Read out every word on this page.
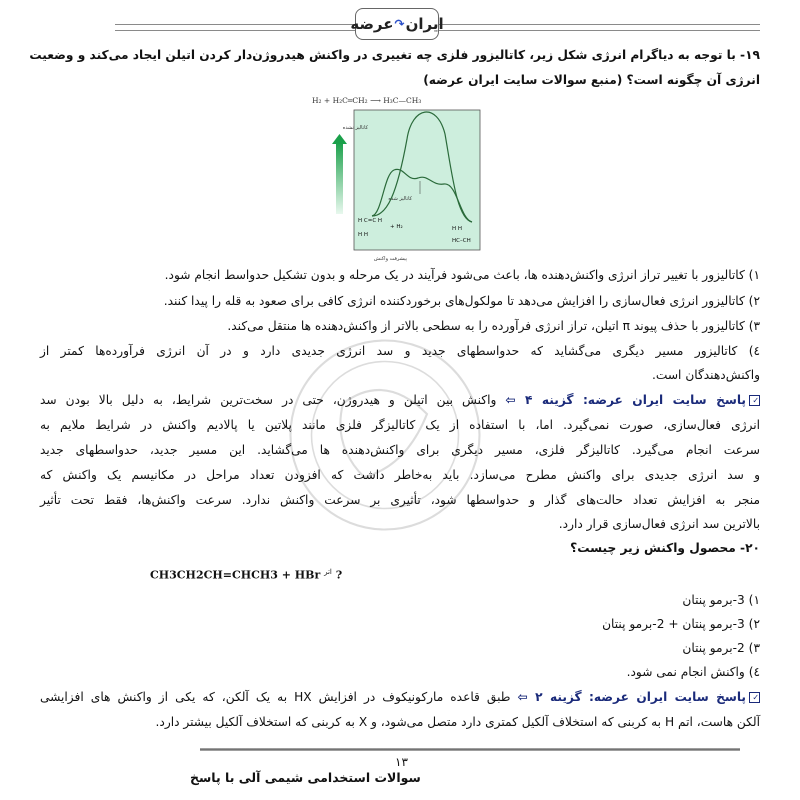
ایران
↷
عرضه
۱۹- با توجه به دیاگرام انرژی شکل زیر، کاتالیزور فلزی چه تغییری در واکنش هیدروژن‌دار کردن اتیلن ایجاد می‌کند و وضعیت
انرژی آن چگونه است؟ (منبع سوالات سایت ایران عرضه)
H₂ + H₂C═CH₂ ⟶ H₃C—CH₃
کاتالیز نشده
کاتالیز شده
H C=C H
+ H₂
H H
H H
HC–CH
پیشرفت واکنش
۱) کاتالیزور با تغییر تراز انرژی واکنش‌دهنده ها، باعث می‌شود فرآیند در یک مرحله و بدون تشکیل حدواسط انجام شود.
۲) کاتالیزور انرژی فعال‌سازی را افزایش می‌دهد تا مولکول‌های برخوردکننده انرژی کافی برای صعود به قله را پیدا کنند.
۳) کاتالیزور با حذف پیوند π اتیلن، تراز انرژی فرآورده را به سطحی بالاتر از واکنش‌دهنده ها منتقل می‌کند.
٤) کاتالیزور مسیر دیگری می‌گشاید که حدواسطهای جدید و سد انرژی جدیدی دارد و در آن انرژی فرآورده‌ها کمتر از
واکنش‌دهندگان است.
✓پاسخ سایت ایران عرضه: گزینه ۴ ⇦ واکنش بین اتیلن و هیدروژن، حتی در سخت‌ترین شرایط، به دلیل بالا بودن سد
انرژی فعال‌سازی، صورت نمی‌گیرد. اما، با استفاده از یک کاتالیزگر فلزی مانند پلاتین یا پالادیم واکنش در شرایط ملایم به
سرعت انجام می‌گیرد. کاتالیزگر فلزی، مسیر دیگری برای واکنش‌دهنده ها می‌گشاید. این مسیر جدید، حدواسطهای جدید
و سد انرژی جدیدی برای واکنش مطرح می‌سازد. باید به‌خاطر داشت که افزودن تعداد مراحل در مکانیسم یک واکنش که
منجر به افزایش تعداد حالت‌های گذار و حدواسطها شود، تأثیری بر سرعت واکنش ندارد. سرعت واکنش‌ها، فقط تحت تأثیر
بالاترین سد انرژی فعال‌سازی قرار دارد.
۲۰- محصول واکنش زیر چیست؟
CH3CH2CH=CHCH3 + HBr $^{اتر}$ ?
۱) 3-برمو پنتان
۲) 3-برمو پنتان + 2-برمو پنتان
۳) 2-برمو پنتان
٤) واکنش انجام نمی شود.
✓پاسخ سایت ایران عرضه: گزینه ۲ ⇦ طبق قاعده مارکونیکوف در افزایش HX به یک آلکن، که یکی از واکنش های افزایشی
آلکن هاست، اتم H به کربنی که استخلاف آلکیل کمتری دارد متصل می‌شود، و X به کربنی که استخلاف آلکیل بیشتر دارد.
۱۳
سوالات استخدامی شیمی آلی با پاسخ
